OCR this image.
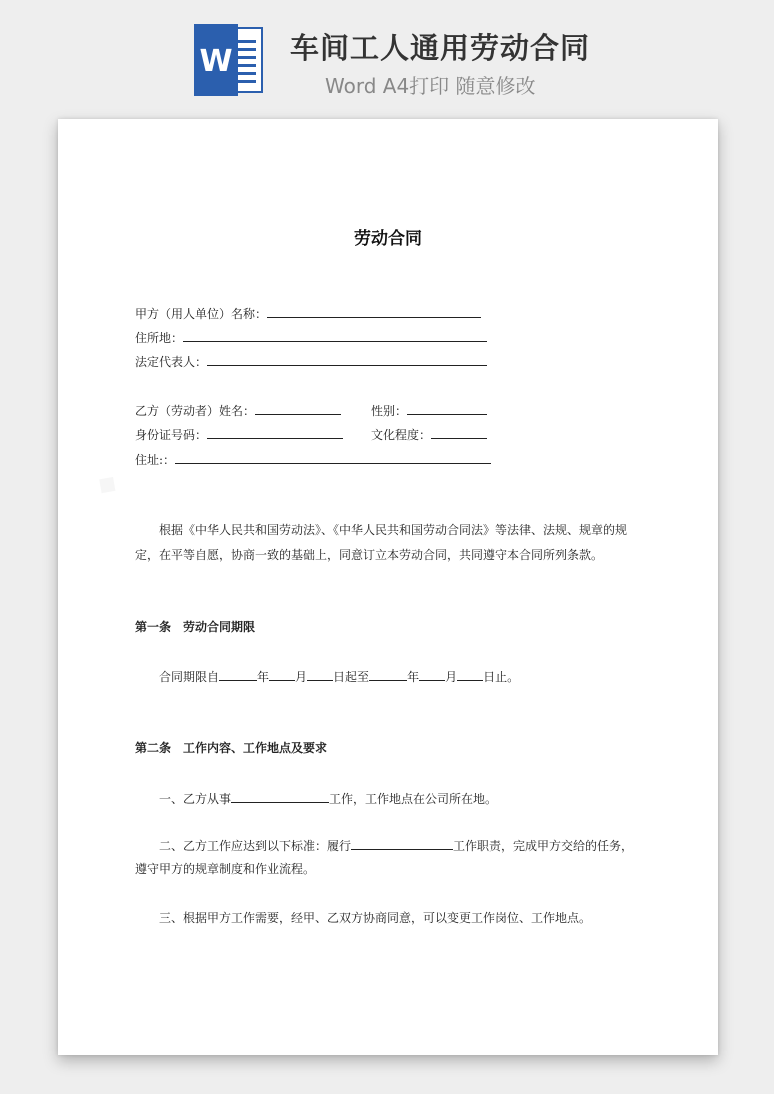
W 车间工人通用劳动合同
Word A4打印 随意修改
劳动合同
甲方（用人单位）名称：
住所地：
法定代表人：
乙方（劳动者）姓名：	性别：
身份证号码：	文化程度：
住址:：
根据《中华人民共和国劳动法》、《中华人民共和国劳动合同法》等法律、法规、规章的规
定，在平等自愿，协商一致的基础上，同意订立本劳动合同，共同遵守本合同所列条款。
第一条　劳动合同期限
合同期限自	年 月 日起至	年 月 日止。
第二条　工作内容、工作地点及要求
一、乙方从事	工作，工作地点在公司所在地。
二、乙方工作应达到以下标准：履行	工作职责，完成甲方交给的任务，
遵守甲方的规章制度和作业流程。
三、根据甲方工作需要，经甲、乙双方协商同意，可以变更工作岗位、工作地点。
